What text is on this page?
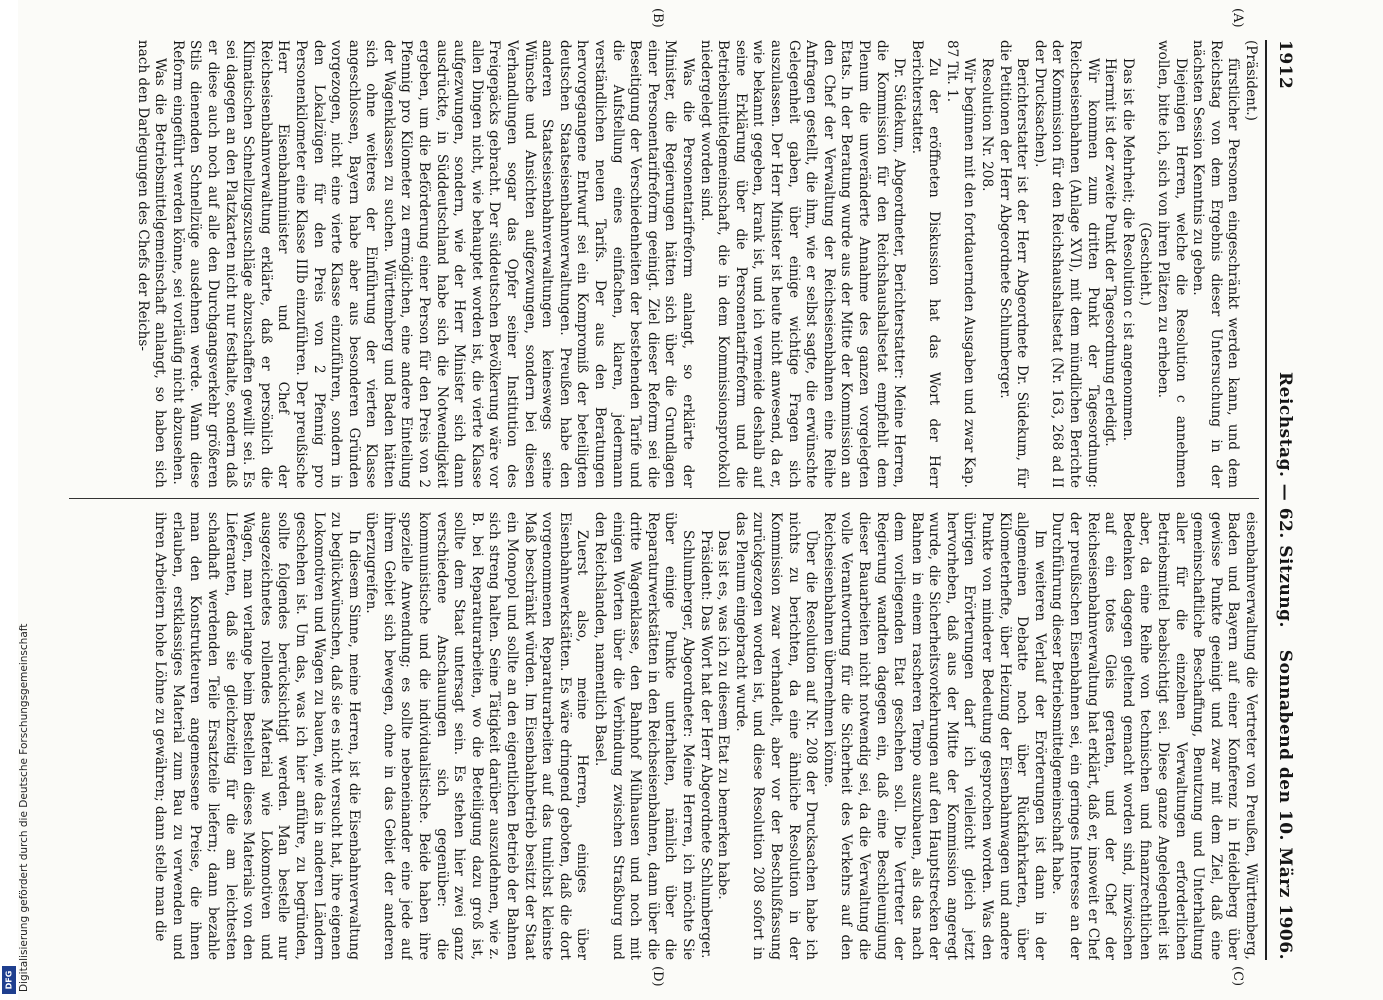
1912
Reichstag. — 62. Sitzung.
Sonnabend den 10. März 1906.

(Präsident.)

fürstlicher Personen eingeschränkt werden kann, und dem Reichstag von dem Ergebnis dieser Untersuchung in der nächsten Session Kenntnis zu geben.

Diejenigen Herren, welche die Resolution c annehmen wollen, bitte ich, sich von ihren Plätzen zu erheben.

(Geschieht.)

Das ist die Mehrheit; die Resolution c ist angenommen.

Hiermit ist der zweite Punkt der Tagesordnung erledigt.

Wir kommen zum dritten Punkt der Tagesordnung: Reichseisenbahnen (Anlage XVI), mit dem mündlichen Berichte der Kommission für den Reichshaushaltsetat (Nr. 163, 268 ad II der Drucksachen).

Berichterstatter ist der Herr Abgeordnete Dr. Südekum, für die Petitionen der Herr Abgeordnete Schlumberger.

Resolution Nr. 208.

Wir beginnen mit den fortdauernden Ausgaben und zwar Kap. 87 Tit. 1.

Zu der eröffneten Diskussion hat das Wort der Herr Berichterstatter.

Dr. Südekum, Abgeordneter, Berichterstatter: Meine Herren, die Kommission für den Reichshaushaltsetat empfiehlt dem Plenum die unveränderte Annahme des ganzen vorgelegten Etats. In der Beratung wurde aus der Mitte der Kommission an den Chef der Verwaltung der Reichseisenbahnen eine Reihe Anfragen gestellt, die ihm, wie er selbst sagte, die erwünschte Gelegenheit gaben, über einige wichtige Fragen sich auszulassen. Der Herr Minister ist heute nicht anwesend, da er, wie bekannt gegeben, krank ist, und ich vermeide deshalb auf seine Erklärung über die Personentarifreform und die Betriebsmittelgemeinschaft, die in dem Kommissionsprotokoll niedergelegt worden sind.

Was die Personentarifreform anlangt, so erklärte der Minister, die Regierungen hätten sich über die Grundlagen einer Personentarifreform geeinigt. Ziel dieser Reform sei die Beseitigung der Verschiedenheiten der bestehenden Tarife und die Aufstellung eines einfachen, klaren, jedermann verständlichen neuen Tarifs. Der aus den Beratungen hervorgegangene Entwurf sei ein Kompromiß der beteiligten deutschen Staatseisenbahnverwaltungen. Preußen habe den anderen Staatseisenbahnverwaltungen keineswegs seine Wünsche und Ansichten aufgezwungen, sondern bei diesen Verhandlungen sogar das Opfer seiner Institution des Freigepäcks gebracht. Der süddeutschen Bevölkerung wäre vor allen Dingen nicht, wie behauptet worden ist, die vierte Klasse aufgezwungen, sondern, wie der Herr Minister sich dann ausdrückte, in Süddeutschland habe sich die Notwendigkeit ergeben, um die Beförderung einer Person für den Preis von 2 Pfennig pro Kilometer zu ermöglichen, eine andere Einteilung der Wagenklassen zu suchen. Württemberg und Baden hätten sich ohne weiteres der Einführung der vierten Klasse angeschlossen, Bayern habe aber aus besonderen Gründen vorgezogen, nicht eine vierte Klasse einzuführen, sondern in den Lokalzügen für den Preis von 2 Pfennig pro Personenkilometer eine Klasse IIIb einzuführen. Der preußische Herr Eisenbahnminister und Chef der Reichseisenbahnverwaltung erklärte, daß er persönlich die Klimatischen Schnellzugszuschläge abzuschaffen gewillt sei. Es sei dagegen an den Platzkarten nicht nur festhalte, sondern daß er diese auch noch auf alle den Durchgangsverkehr größeren Stils dienenden Schnellzüge ausdehnen werde. Wann diese Reform eingeführt werden könne, sei vorläufig nicht abzusehen.

Was die Betriebsmittelgemeinschaft anlangt, so haben sich nach den Darlegungen des Chefs der Reichs-

eisenbahnverwaltung die Vertreter von Preußen, Württemberg, Baden und Bayern auf einer Konferenz in Heidelberg über gewisse Punkte geeinigt und zwar mit dem Ziel, daß eine gemeinschaftliche Beschaffung, Benutzung und Unterhaltung aller für die einzelnen Verwaltungen erforderlichen Betriebsmittel beabsichtigt sei. Diese ganze Angelegenheit ist aber, da eine Reihe von technischen und finanzrechtlichen Bedenken dagegen geltend gemacht worden sind, inzwischen auf ein totes Gleis geraten, und der Chef der Reichseisenbahnverwaltung hat erklärt, daß er, insoweit er Chef der preußischen Eisenbahnen sei, ein geringes Interesse an der Durchführung dieser Betriebsmittelgemeinschaft habe.

Im weiteren Verlauf der Erörterungen ist dann in der allgemeinen Debatte noch über Rückfahrkarten, über Kilometerhefte, über Heizung der Eisenbahnwagen und andere Punkte von minderer Bedeutung gesprochen worden. Was den übrigen Erörterungen darf ich vielleicht gleich jetzt hervorheben, daß aus der Mitte der Kommission angeregt wurde, die Sicherheitsvorkehrungen auf den Hauptstrecken der Bahnen in einem rascheren Tempo auszubauen, als das nach dem vorliegenden Etat geschehen soll. Die Vertreter der Regierung wandten dagegen ein, daß eine Beschleunigung dieser Bauarbeiten nicht notwendig sei, da die Verwaltung die volle Verantwortung für die Sicherheit des Verkehrs auf den Reichseisenbahnen übernehmen könne.

Über die Resolution auf Nr. 208 der Drucksachen habe ich nichts zu berichten, da eine ähnliche Resolution in der Kommission zwar verhandelt, aber vor der Beschlußfassung zurückgezogen worden ist, und diese Resolution 208 sofort in das Plenum eingebracht wurde.

Das ist es, was ich zu diesem Etat zu bemerken habe.

Präsident: Das Wort hat der Herr Abgeordnete Schlumberger.

Schlumberger, Abgeordneter: Meine Herren, ich möchte Sie über einige Punkte unterhalten, nämlich über die Reparaturwerkstätten in den Reichseisenbahnen, dann über die dritte Wagenklasse, den Bahnhof Mülhausen und noch mit einigen Worten über die Verbindung zwischen Straßburg und den Reichslanden, namentlich Basel.

Zuerst also, meine Herren, einiges über Eisenbahnwerkstätten. Es wäre dringend geboten, daß die dort vorgenommenen Reparaturarbeiten auf das tunlichst kleinste Maß beschränkt würden. Im Eisenbahnbetrieb besitzt der Staat ein Monopol und sollte an den eigentlichen Betrieb der Bahnen sich streng halten. Seine Tätigkeit darüber auszudehnen, wie z. B. bei Reparaturarbeiten, wo die Beteiligung dazu groß ist, sollte dem Staat untersagt sein. Es stehen hier zwei ganz verschiedene Anschauungen sich gegenüber: die kommunistische und die individualistische. Beide haben ihre spezielle Anwendung; es sollte nebeneinander eine jede auf ihrem Gebiet sich bewegen, ohne in das Gebiet der anderen überzugreifen.

In diesem Sinne, meine Herren, ist die Eisenbahnverwaltung zu beglückwünschen, daß sie es nicht versucht hat, ihre eigenen Lokomotiven und Wagen zu bauen, wie das in anderen Ländern geschehen ist. Um das, was ich hier anführe, zu begründen, sollte folgendes berücksichtigt werden. Man bestelle nur ausgezeichnetes rollendes Material wie Lokomotiven und Wagen, man verlange beim Bestellen dieses Materials von den Lieferanten, daß sie gleichzeitig für die am leichtesten schadhaft werdenden Teile Ersatzteile liefern; dann bezahle man den Konstrukteuren angemessene Preise, die ihnen erlauben, erstklassiges Material zum Bau zu verwenden und ihren Arbeitern hohe Löhne zu gewähren; dann stelle man die

(A)
(B)
(C)
(D)
Digitalisierung gefördert durch die Deutsche Forschungsgemeinschaft
DFG
